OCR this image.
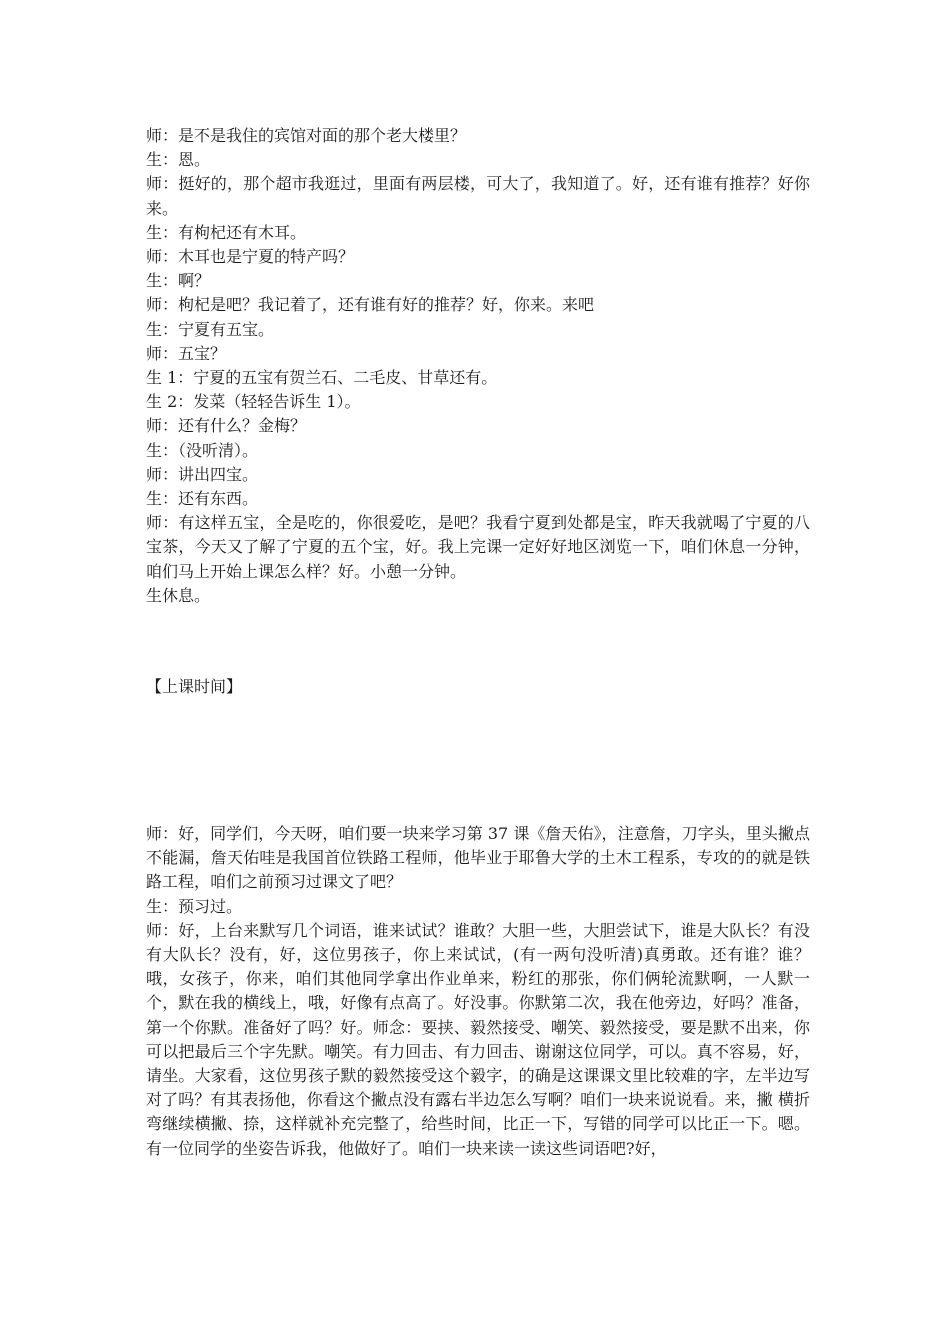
师：是不是我住的宾馆对面的那个老大楼里？

生：恩。

师：挺好的，那个超市我逛过，里面有两层楼，可大了，我知道了。好，还有谁有推荐？好你来。

生：有枸杞还有木耳。

师：木耳也是宁夏的特产吗？

生：啊？

师：枸杞是吧？我记着了，还有谁有好的推荐？好，你来。来吧

生：宁夏有五宝。

师：五宝？

生 1：宁夏的五宝有贺兰石、二毛皮、甘草还有。

生 2：发菜（轻轻告诉生 1）。

师：还有什么？金梅？

生：（没听清）。

师：讲出四宝。

生：还有东西。

师：有这样五宝，全是吃的，你很爱吃，是吧？我看宁夏到处都是宝，昨天我就喝了宁夏的八宝茶，今天又了解了宁夏的五个宝，好。我上完课一定好好地区浏览一下，咱们休息一分钟，咱们马上开始上课怎么样？好。小憩一分钟。

生休息。

【上课时间】

师：好，同学们，今天呀，咱们要一块来学习第 37 课《詹天佑》，注意詹，刀字头，里头撇点不能漏，詹天佑哇是我国首位铁路工程师，他毕业于耶鲁大学的土木工程系，专攻的的就是铁路工程，咱们之前预习过课文了吧？

生：预习过。

师：好，上台来默写几个词语，谁来试试？谁敢？大胆一些，大胆尝试下，谁是大队长？有没有大队长？没有，好，这位男孩子，你上来试试，(有一两句没听清)真勇敢。还有谁？谁？哦，女孩子，你来，咱们其他同学拿出作业单来，粉红的那张，你们俩轮流默啊，一人默一个，默在我的横线上，哦，好像有点高了。好没事。你默第二次，我在他旁边，好吗？准备，第一个你默。准备好了吗？好。师念：要挟、毅然接受、嘲笑、毅然接受，要是默不出来，你可以把最后三个字先默。嘲笑。有力回击、有力回击、谢谢这位同学，可以。真不容易，好，请坐。大家看，这位男孩子默的毅然接受这个毅字，的确是这课课文里比较难的字，左半边写对了吗？有其表扬他，你看这个撇点没有露右半边怎么写啊？咱们一块来说说看。来，撇 横折弯继续横撇、捺，这样就补充完整了，给些时间，比正一下，写错的同学可以比正一下。嗯。有一位同学的坐姿告诉我，他做好了。咱们一块来读一读这些词语吧?好，
